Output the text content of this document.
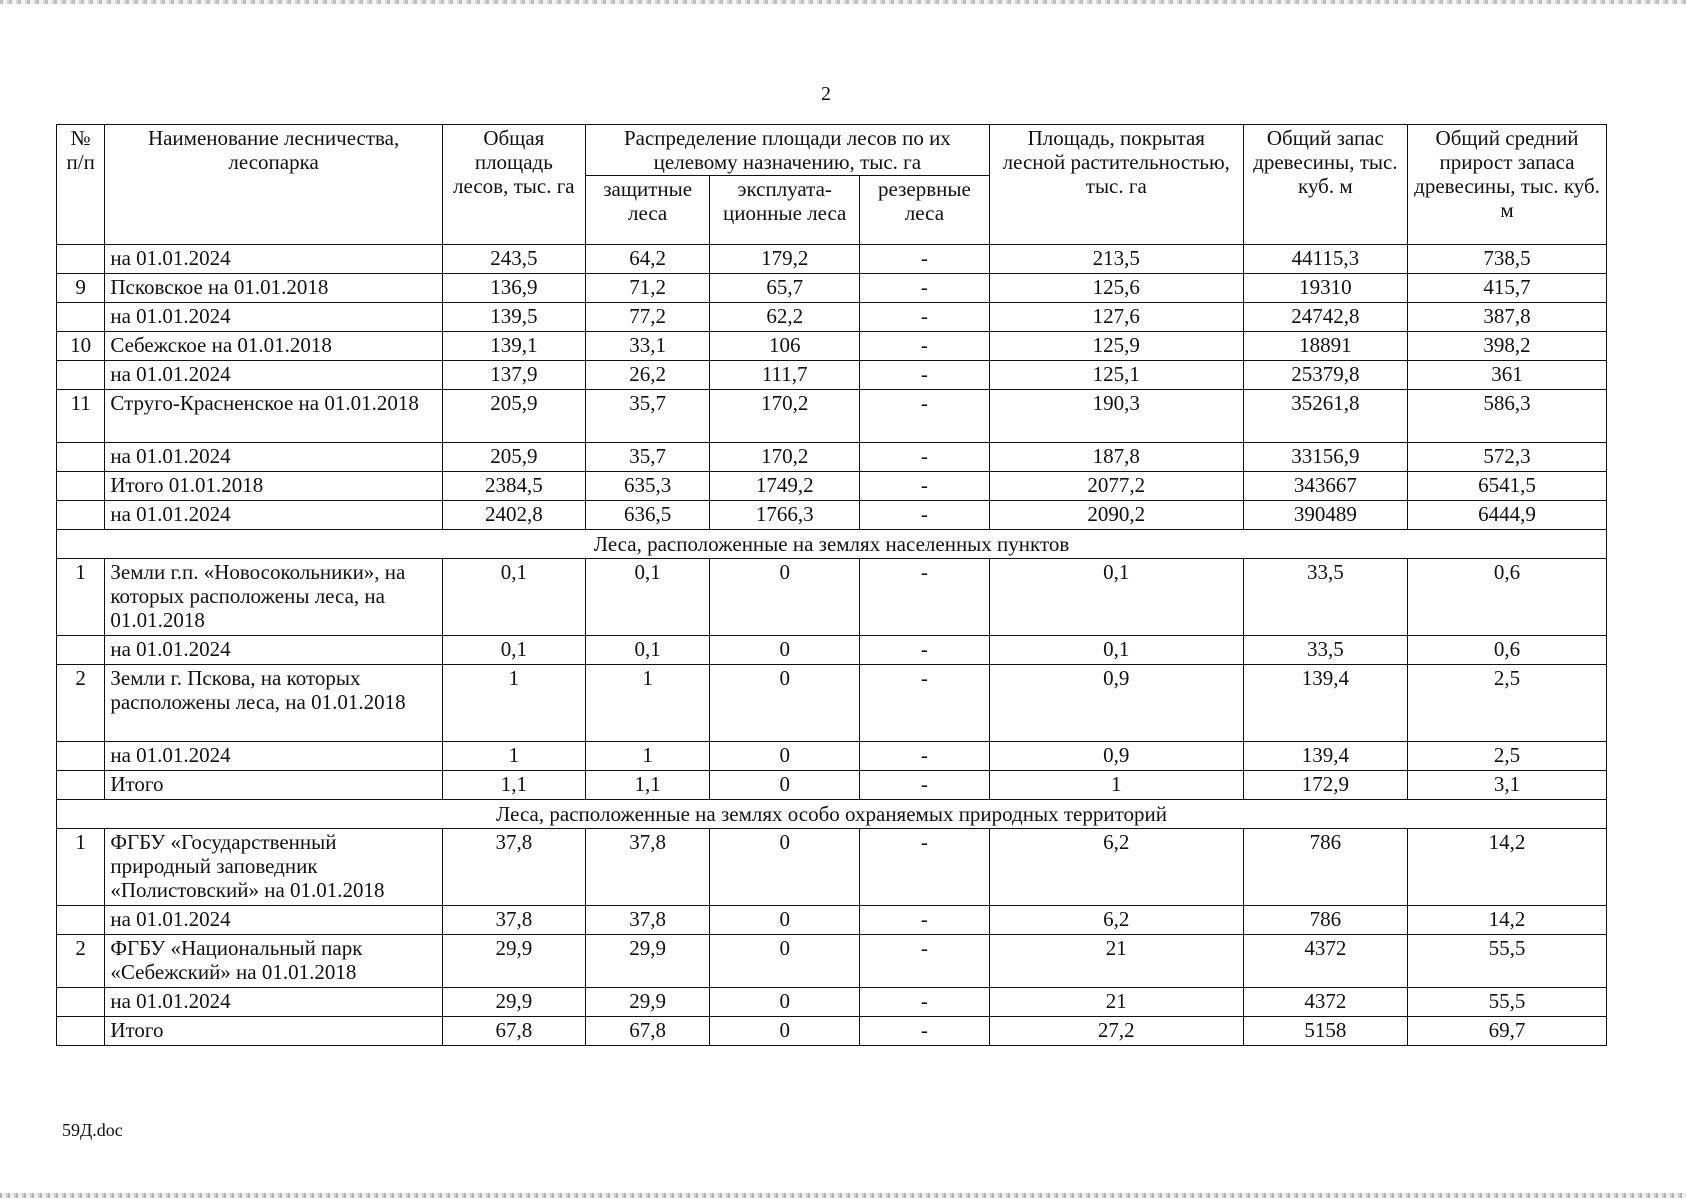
2
№ п/п	Наименование лесничества, лесопарка	Общая площадь лесов, тыс. га	Распределение площади лесов по их целевому назначению, тыс. га			Площадь, покрытая лесной растительностью, тыс. га	Общий запас древесины, тыс. куб. м	Общий средний прирост запаса древесины, тыс. куб. м
			защитные леса	эксплуата-ционные леса	резервные леса			
	на 01.01.2024	243,5	64,2	179,2	-	213,5	44115,3	738,5
9	Псковское на 01.01.2018	136,9	71,2	65,7	-	125,6	19310	415,7
	на 01.01.2024	139,5	77,2	62,2	-	127,6	24742,8	387,8
10	Себежское на 01.01.2018	139,1	33,1	106	-	125,9	18891	398,2
	на 01.01.2024	137,9	26,2	111,7	-	125,1	25379,8	361
11	Струго-Красненское на 01.01.2018	205,9	35,7	170,2	-	190,3	35261,8	586,3
	на 01.01.2024	205,9	35,7	170,2	-	187,8	33156,9	572,3
	Итого 01.01.2018	2384,5	635,3	1749,2	-	2077,2	343667	6541,5
	на 01.01.2024	2402,8	636,5	1766,3	-	2090,2	390489	6444,9
Леса, расположенные на землях населенных пунктов								
1	Земли г.п. «Новосокольники», на которых расположены леса, на 01.01.2018	0,1	0,1	0	-	0,1	33,5	0,6
	на 01.01.2024	0,1	0,1	0	-	0,1	33,5	0,6
2	Земли г. Пскова, на которых расположены леса, на 01.01.2018	1	1	0	-	0,9	139,4	2,5
	на 01.01.2024	1	1	0	-	0,9	139,4	2,5
	Итого	1,1	1,1	0	-	1	172,9	3,1
Леса, расположенные на землях особо охраняемых природных территорий								
1	ФГБУ «Государственный природный заповедник «Полистовский» на 01.01.2018	37,8	37,8	0	-	6,2	786	14,2
	на 01.01.2024	37,8	37,8	0	-	6,2	786	14,2
2	ФГБУ «Национальный парк «Себежский» на 01.01.2018	29,9	29,9	0	-	21	4372	55,5
	на 01.01.2024	29,9	29,9	0	-	21	4372	55,5
	Итого	67,8	67,8	0	-	27,2	5158	69,7
59Д.doc
